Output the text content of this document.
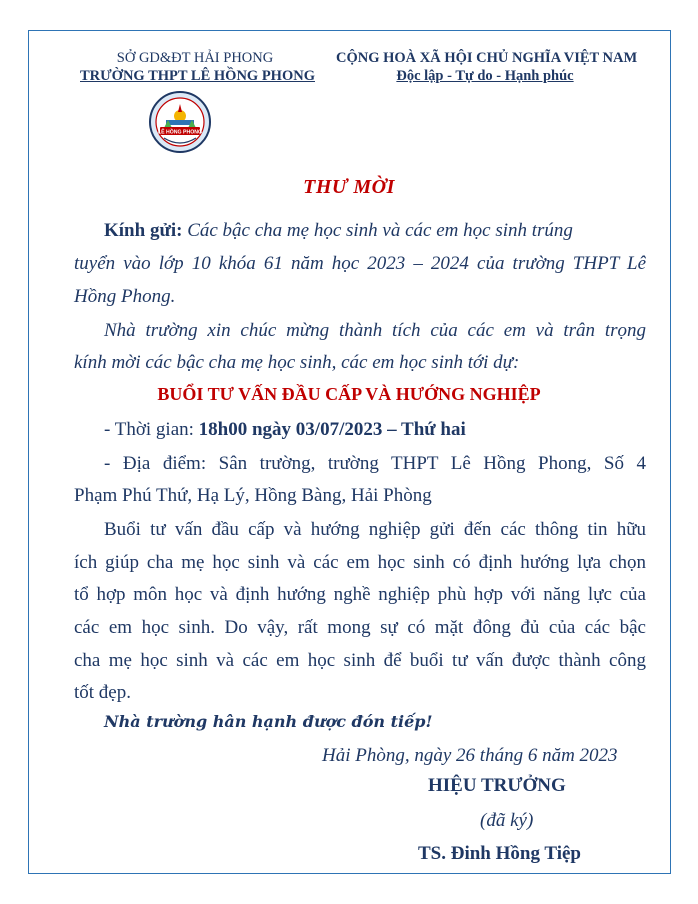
SỞ GD&ĐT HẢI PHONG
TRƯỜNG THPT LÊ HỒNG PHONG
CỘNG HOÀ XÃ HỘI CHỦ NGHĨA VIỆT NAM
Độc lập - Tự do - Hạnh phúc
LÊ HỒNG PHONG
THƯ MỜI
Kính gửi: Các bậc cha mẹ học sinh và các em học sinh trúng
tuyển vào lớp 10 khóa 61 năm học 2023 – 2024 của trường THPT Lê
Hồng Phong.
Nhà trường xin chúc mừng thành tích của các em và trân trọng
kính mời các bậc cha mẹ học sinh, các em học sinh tới dự:
BUỔI TƯ VẤN ĐẦU CẤP VÀ HƯỚNG NGHIỆP
- Thời gian: 18h00 ngày 03/07/2023 – Thứ hai
- Địa điểm: Sân trường, trường THPT Lê Hồng Phong, Số 4
Phạm Phú Thứ, Hạ Lý, Hồng Bàng, Hải Phòng
Buổi tư vấn đầu cấp và hướng nghiệp gửi đến các thông tin hữu
ích giúp cha mẹ học sinh và các em học sinh có định hướng lựa chọn
tổ hợp môn học và định hướng nghề nghiệp phù hợp với năng lực của
các em học sinh. Do vậy, rất mong sự có mặt đông đủ của các bậc
cha mẹ học sinh và các em học sinh để buổi tư vấn được thành công
tốt đẹp.
Nhà trường hân hạnh được đón tiếp!
Hải Phòng, ngày 26 tháng 6 năm 2023
HIỆU TRƯỞNG
(đã ký)
TS. Đinh Hồng Tiệp
